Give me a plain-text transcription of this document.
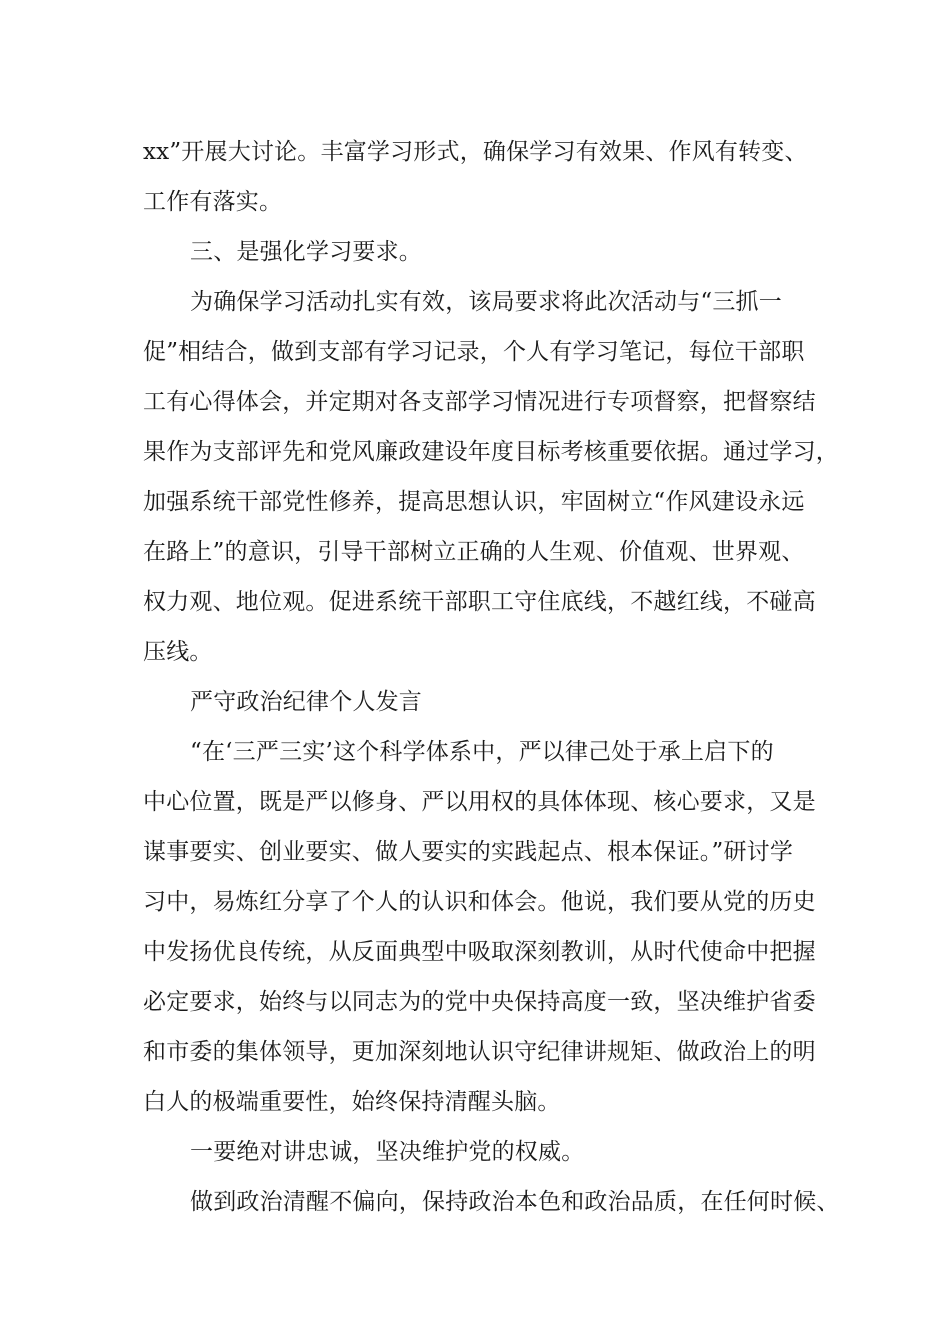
xx”开展大讨论。丰富学习形式，确保学习有效果、作风有转变、
工作有落实。
三、是强化学习要求。
为确保学习活动扎实有效，该局要求将此次活动与“三抓一
促”相结合，做到支部有学习记录，个人有学习笔记，每位干部职
工有心得体会，并定期对各支部学习情况进行专项督察，把督察结
果作为支部评先和党风廉政建设年度目标考核重要依据。通过学习，
加强系统干部党性修养，提高思想认识，牢固树立“作风建设永远
在路上”的意识，引导干部树立正确的人生观、价值观、世界观、
权力观、地位观。促进系统干部职工守住底线，不越红线，不碰高
压线。
严守政治纪律个人发言
“在‘三严三实’这个科学体系中，严以律己处于承上启下的
中心位置，既是严以修身、严以用权的具体体现、核心要求，又是
谋事要实、创业要实、做人要实的实践起点、根本保证。”研讨学
习中，易炼红分享了个人的认识和体会。他说，我们要从党的历史
中发扬优良传统，从反面典型中吸取深刻教训，从时代使命中把握
必定要求，始终与以同志为的党中央保持高度一致，坚决维护省委
和市委的集体领导，更加深刻地认识守纪律讲规矩、做政治上的明
白人的极端重要性，始终保持清醒头脑。
一要绝对讲忠诚，坚决维护党的权威。
做到政治清醒不偏向，保持政治本色和政治品质，在任何时候、
